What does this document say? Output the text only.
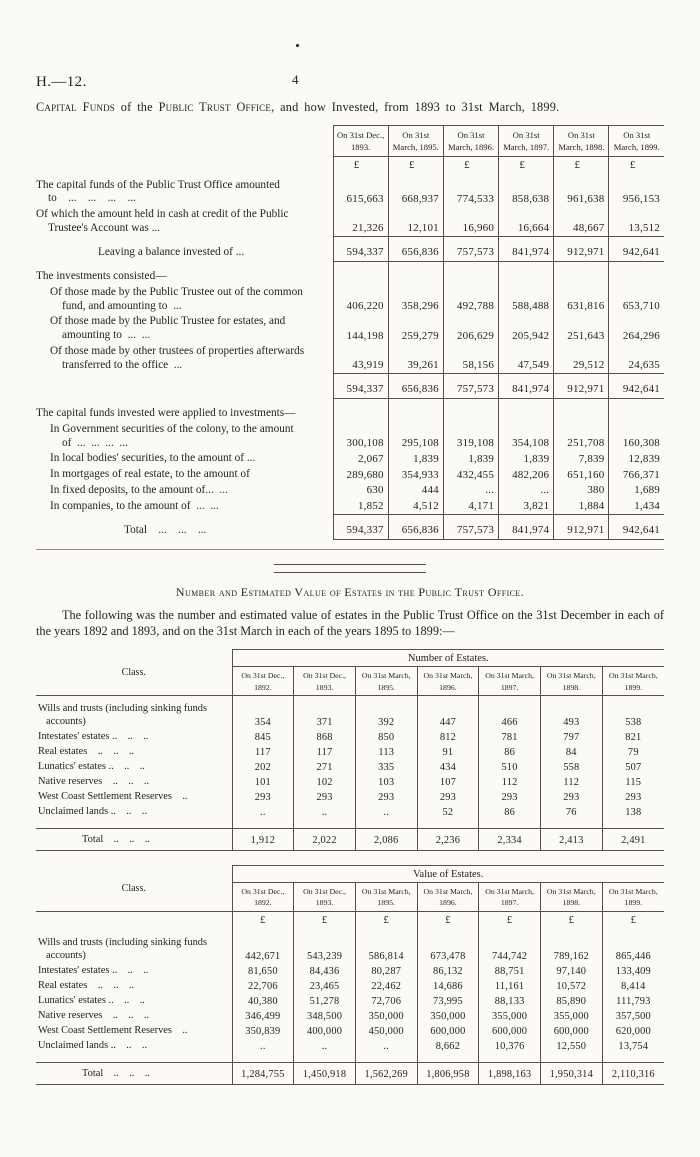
H.—12.	4
Capital Funds of the Public Trust Office, and how Invested, from 1893 to 31st March, 1899.
	On 31st Dec., 1893.	On 31st March, 1895.	On 31st March, 1896.	On 31st March, 1897.	On 31st March, 1898.	On 31st March, 1899.
	£	£	£	£	£	£
The capital funds of the Public Trust Office amounted to ... ... ... ...	615,663	668,937	774,533	858,638	961,638	956,153
Of which the amount held in cash at credit of the Public Trustee's Account was ...	21,326	12,101	16,960	16,664	48,667	13,512
Leaving a balance invested of ...	594,337	656,836	757,573	841,974	912,971	942,641
The investments consisted—						
Of those made by the Public Trustee out of the common fund, and amounting to ...	406,220	358,296	492,788	588,488	631,816	653,710
Of those made by the Public Trustee for estates, and amounting to ... ...	144,198	259,279	206,629	205,942	251,643	264,296
Of those made by other trustees of properties afterwards transferred to the office ...	43,919	39,261	58,156	47,549	29,512	24,635
	594,337	656,836	757,573	841,974	912,971	942,641
The capital funds invested were applied to investments—						
In Government securities of the colony, to the amount of ... ... ... ...	300,108	295,108	319,108	354,108	251,708	160,308
In local bodies' securities, to the amount of ...	2,067	1,839	1,839	1,839	7,839	12,839
In mortgages of real estate, to the amount of	289,680	354,933	432,455	482,206	651,160	766,371
In fixed deposits, to the amount of... ...	630	444	...	...	380	1,689
In companies, to the amount of ... ...	1,852	4,512	4,171	3,821	1,884	1,434
Total ... ... ...	594,337	656,836	757,573	841,974	912,971	942,641
Number and Estimated Value of Estates in the Public Trust Office.

The following was the number and estimated value of estates in the Public Trust Office on the 31st December in each of the years 1892 and 1893, and on the 31st March in each of the years 1895 to 1899:—

Class.	Number of Estates.						
	On 31st Dec., 1892.	On 31st Dec., 1893.	On 31st March, 1895.	On 31st March, 1896.	On 31st March, 1897.	On 31st March, 1898.	On 31st March, 1899.
Wills and trusts (including sinking funds accounts)	354	371	392	447	466	493	538
Intestates' estates .. .. ..	845	868	850	812	781	797	821
Real estates .. .. ..	117	117	113	91	86	84	79
Lunatics' estates .. .. ..	202	271	335	434	510	558	507
Native reserves .. .. ..	101	102	103	107	112	112	115
West Coast Settlement Reserves ..	293	293	293	293	293	293	293
Unclaimed lands .. .. ..	..	..	..	52	86	76	138
Total .. .. ..	1,912	2,022	2,086	2,236	2,334	2,413	2,491
Class.	Value of Estates.						
	On 31st Dec., 1892.	On 31st Dec., 1893.	On 31st March, 1895.	On 31st March, 1896.	On 31st March, 1897.	On 31st March, 1898.	On 31st March, 1899.
	£	£	£	£	£	£	£
Wills and trusts (including sinking funds accounts)	442,671	543,239	586,814	673,478	744,742	789,162	865,446
Intestates' estates .. .. ..	81,650	84,436	80,287	86,132	88,751	97,140	133,409
Real estates .. .. ..	22,706	23,465	22,462	14,686	11,161	10,572	8,414
Lunatics' estates .. .. ..	40,380	51,278	72,706	73,995	88,133	85,890	111,793
Native reserves .. .. ..	346,499	348,500	350,000	350,000	355,000	355,000	357,500
West Coast Settlement Reserves ..	350,839	400,000	450,000	600,000	600,000	600,000	620,000
Unclaimed lands .. .. ..	..	..	..	8,662	10,376	12,550	13,754
Total .. .. ..	1,284,755	1,450,918	1,562,269	1,806,958	1,898,163	1,950,314	2,110,316
